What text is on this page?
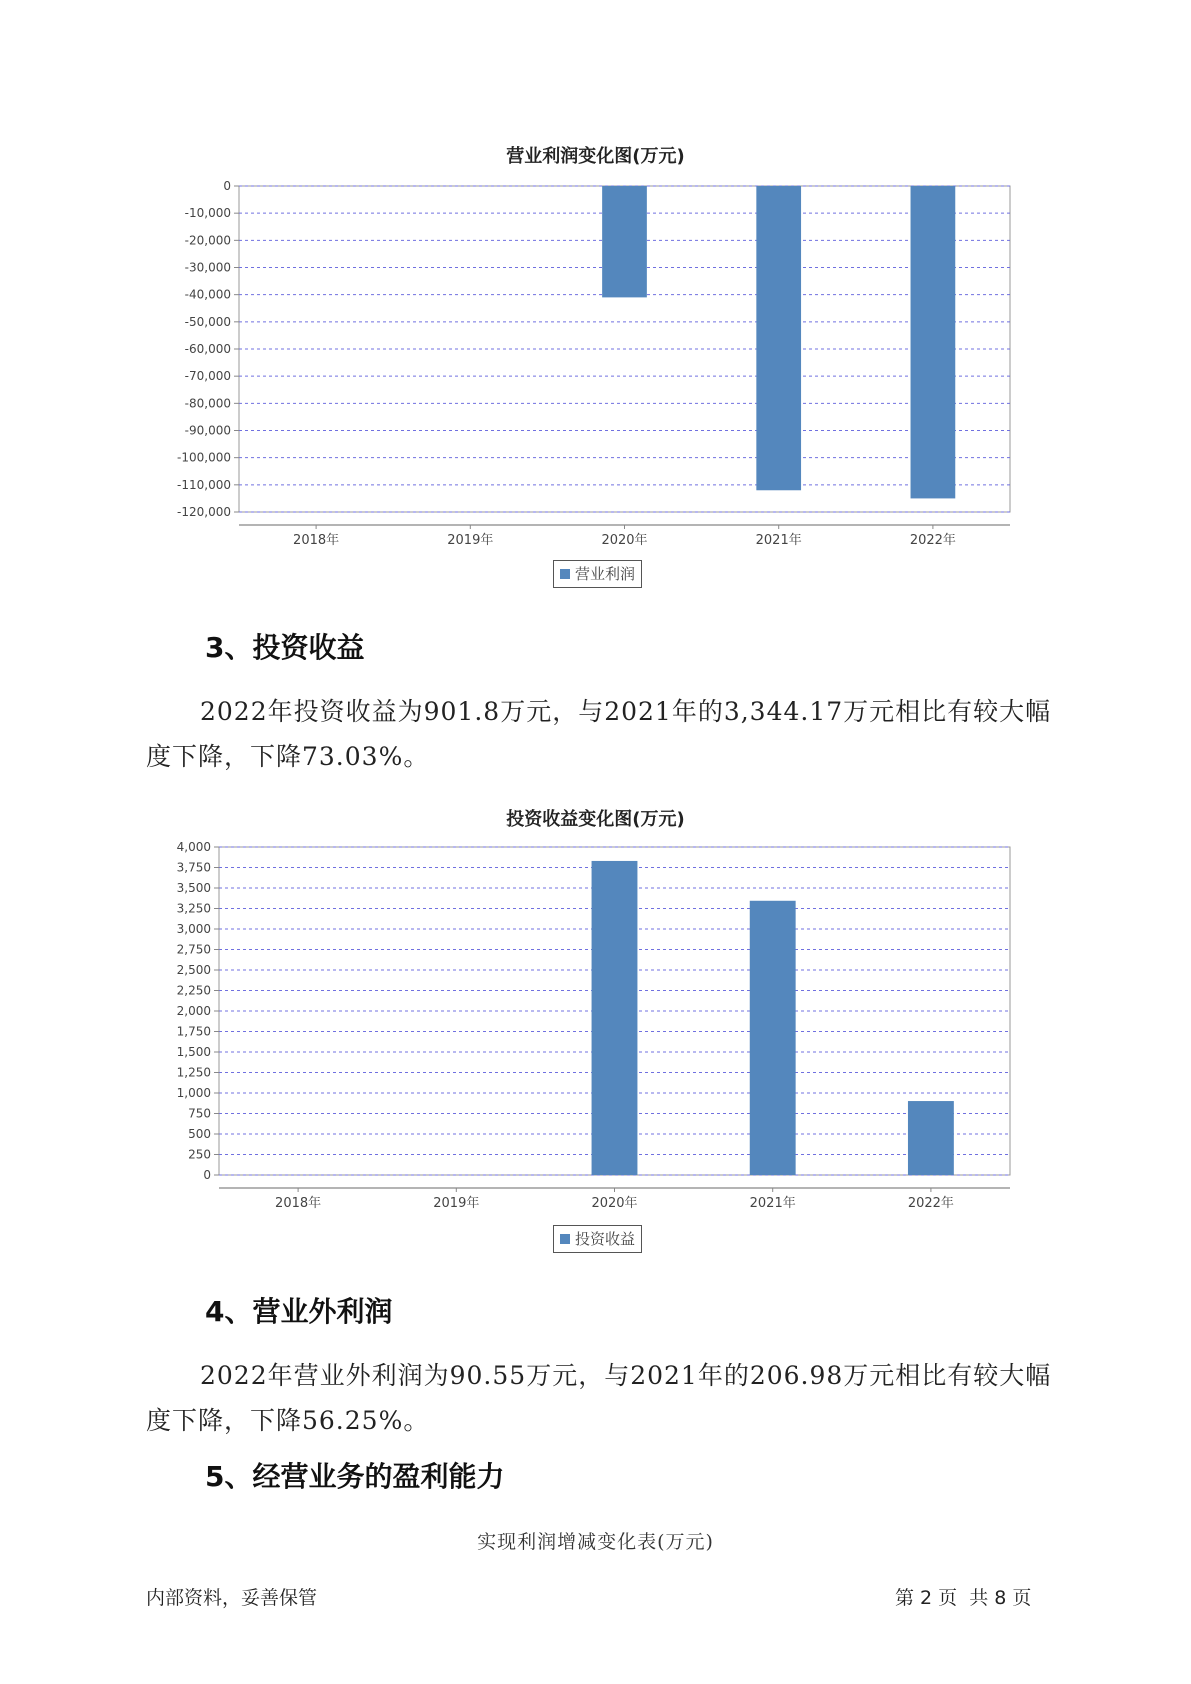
营业利润变化图(万元)
0
-10,000
-20,000
-30,000
-40,000
-50,000
-60,000
-70,000
-80,000
-90,000
-100,000
-110,000
-120,000
2018年	2019年	2020年	2021年	2022年
营业利润
3、投资收益
2022年投资收益为901.8万元，与2021年的3,344.17万元相比有较大幅度下降，下降73.03%。
投资收益变化图(万元)
4,000
3,750
3,500
3,250
3,000
2,750
2,500
2,250
2,000
1,750
1,500
1,250
1,000
750
500
250
0
2018年	2019年	2020年	2021年	2022年
投资收益
4、营业外利润
2022年营业外利润为90.55万元，与2021年的206.98万元相比有较大幅度下降，下降56.25%。
5、经营业务的盈利能力
实现利润增减变化表(万元)
内部资料，妥善保管	第 2 页  共 8 页
